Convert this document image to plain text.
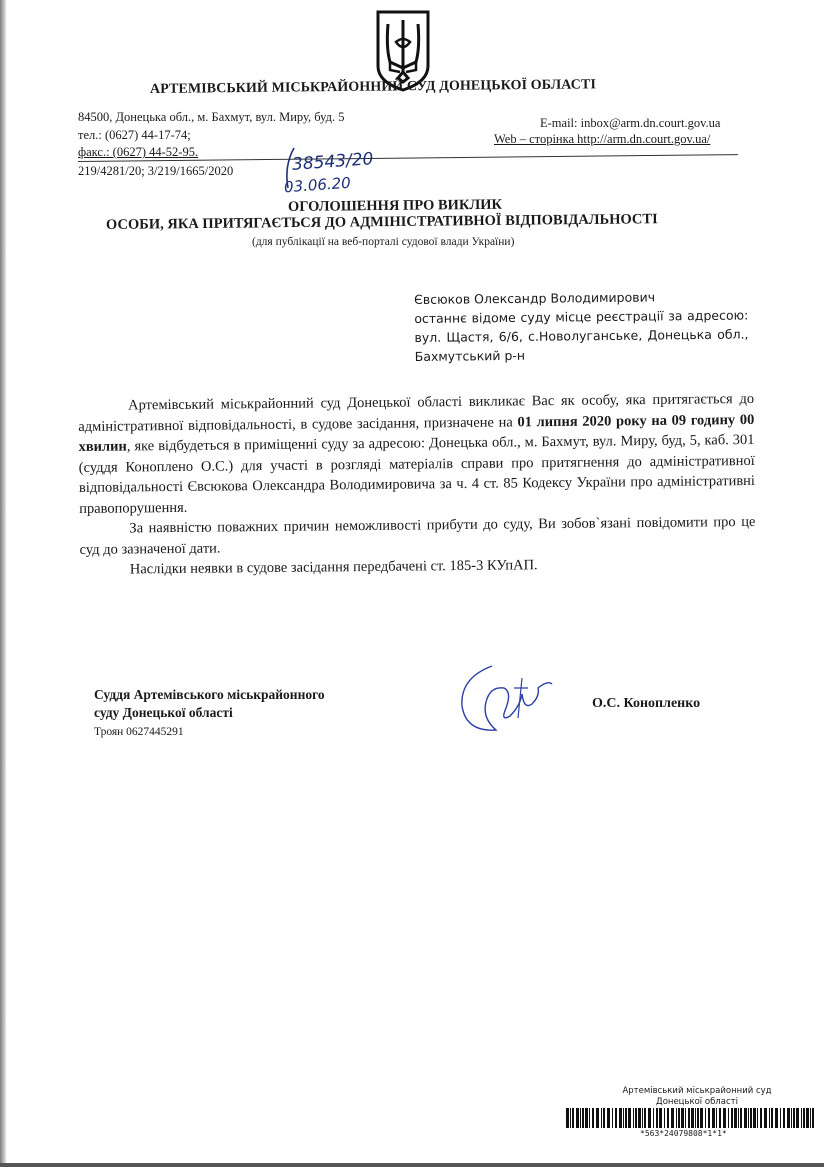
АРТЕМІВСЬКИЙ МІСЬКРАЙОННИЙ СУД ДОНЕЦЬКОЇ ОБЛАСТІ
84500, Донецька обл., м. Бахмут, вул. Миру, буд. 5
тел.: (0627) 44-17-74;
факс.: (0627) 44-52-95.
219/4281/20; 3/219/1665/2020
E-mail: inbox@arm.dn.court.gov.ua
Web – сторінка http://arm.dn.court.gov.ua/
38543/20
03.06.20
ОГОЛОШЕННЯ ПРО ВИКЛИК
ОСОБИ, ЯКА ПРИТЯГАЄТЬСЯ ДО АДМІНІСТРАТИВНОЇ ВІДПОВІДАЛЬНОСТІ
(для публікації на веб-порталі судової влади України)

Євсюков Олександр Володимирович

останнє відоме суду місце реєстрації за адресою: вул. Щастя, 6/6, с.Новолуганське, Донецька обл., Бахмутський р-н

Артемівський міськрайонний суд Донецької області викликає Вас як особу, яка притягається до адміністративної відповідальності, в судове засідання, призначене на 01 липня 2020 року на 09 годину 00 хвилин, яке відбудеться в приміщенні суду за адресою: Донецька обл., м. Бахмут, вул. Миру, буд, 5, каб. 301 (суддя Коноплено О.С.) для участі в розгляді матеріалів справи про притягнення до адміністративної відповідальності Євсюкова Олександра Володимировича за ч. 4 ст. 85 Кодексу України про адміністративні правопорушення.

За наявністю поважних причин неможливості прибути до суду, Ви зобов`язані повідомити про це суд до зазначеної дати.

Наслідки неявки в судове засідання передбачені ст. 185-3 КУпАП.

Суддя Артемівського міськрайонного
суду Донецької області
Троян 0627445291
О.С. Конопленко
Артемівський міськрайонний суд
Донецької області
*563*24079808*1*1*
